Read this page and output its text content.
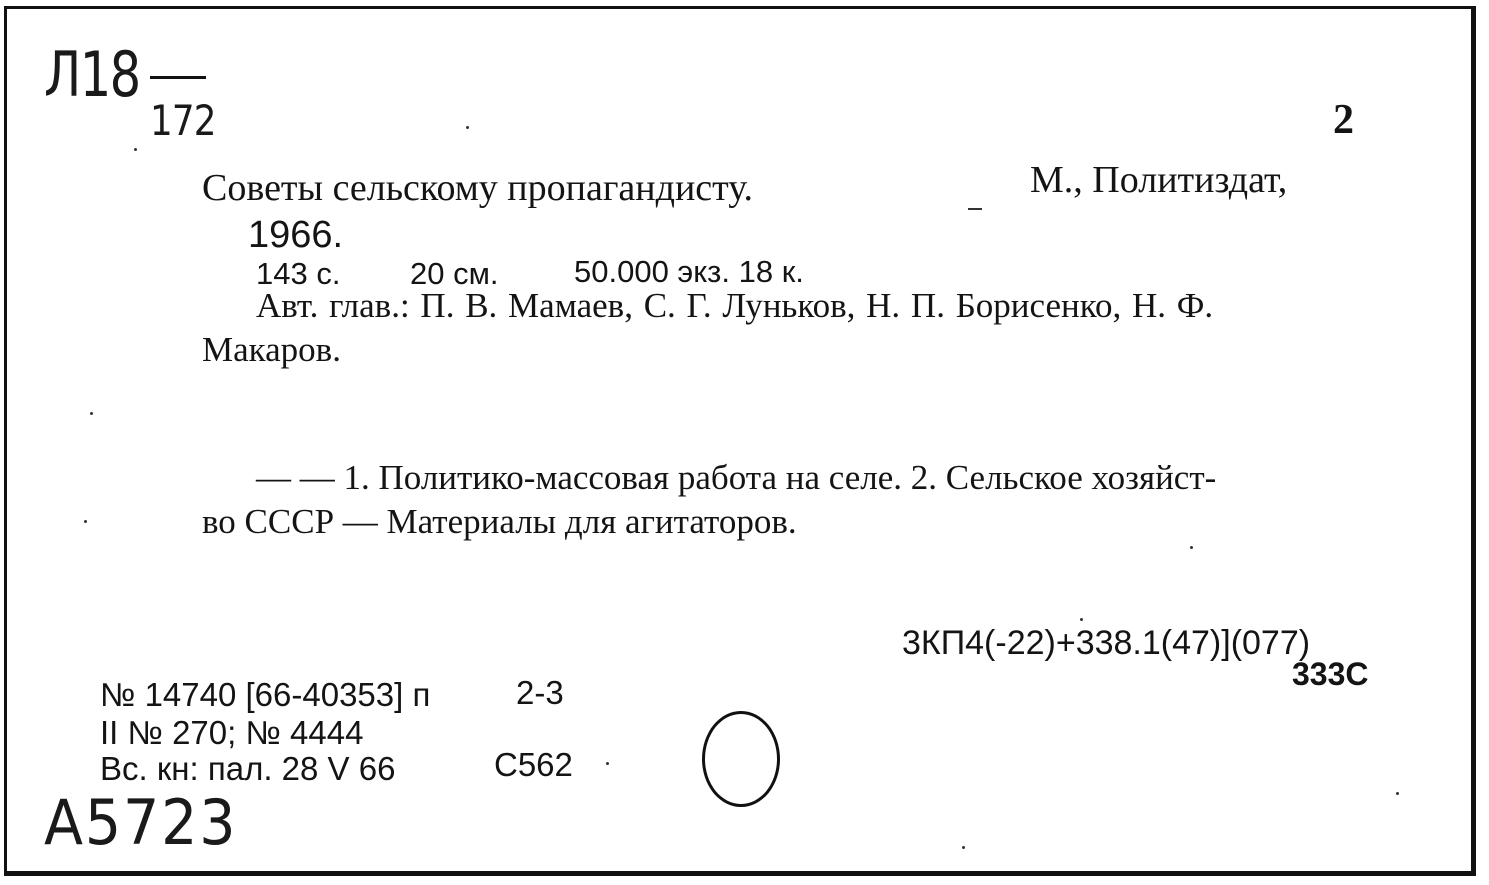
Л18
172	2
Советы сельскому пропагандисту.	М., Политиздат,
1966.
143 с. 20 см. 50.000 экз. 18 к.
Авт. глав.: П. В. Мамаев, С. Г. Луньков, Н. П. Борисенко, Н. Ф.
Макаров.
— — 1. Политико-массовая работа на селе. 2. Сельское хозяйст-
во СССР — Материалы для агитаторов.
3КП4(-22)+338.1(47)](077)
333С
№ 14740 [66-40353] п	2-3
II № 270; № 4444
Вс. кн: пал. 28 V 66	С562
А5723
